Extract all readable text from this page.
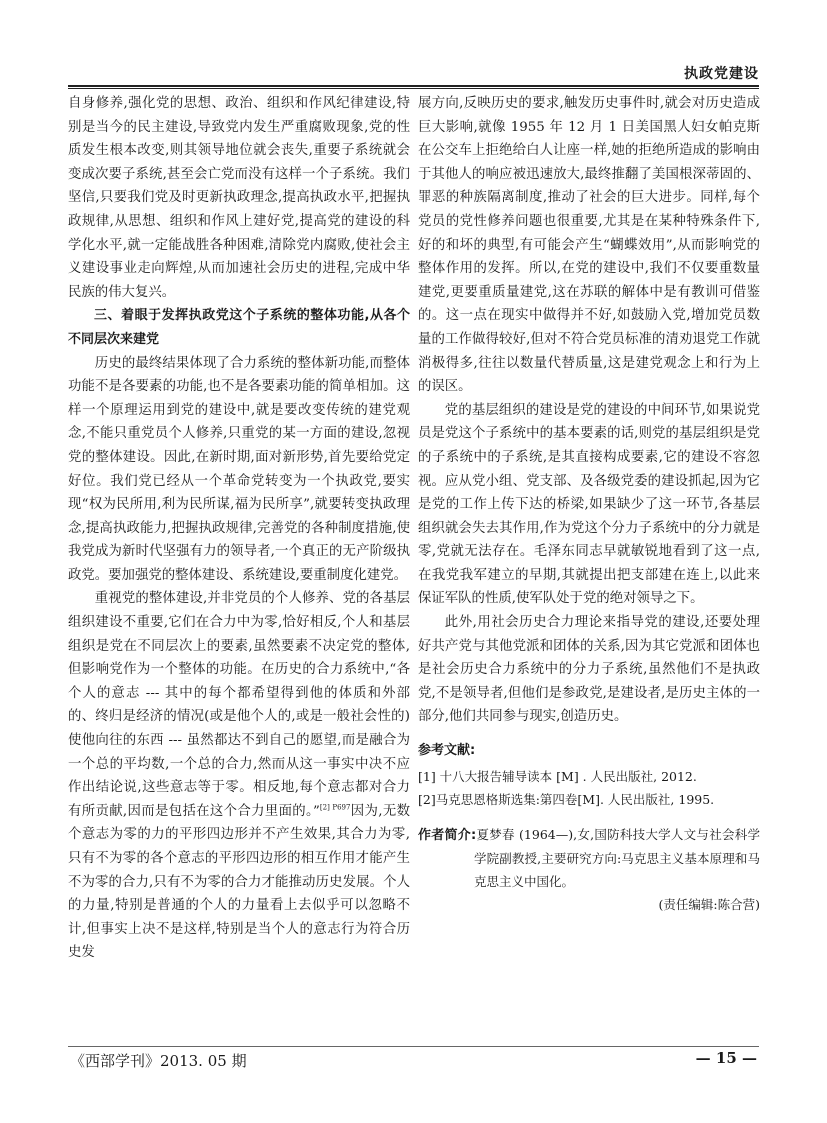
执政党建设

自身修养,强化党的思想、政治、组织和作风纪律建设,特别是当今的民主建设,导致党内发生严重腐败现象,党的性质发生根本改变,则其领导地位就会丧失,重要子系统就会变成次要子系统,甚至会亡党而没有这样一个子系统。我们坚信,只要我们党及时更新执政理念,提高执政水平,把握执政规律,从思想、组织和作风上建好党,提高党的建设的科学化水平,就一定能战胜各种困难,清除党内腐败,使社会主义建设事业走向辉煌,从而加速社会历史的进程,完成中华民族的伟大复兴。

三、着眼于发挥执政党这个子系统的整体功能,从各个不同层次来建党

历史的最终结果体现了合力系统的整体新功能,而整体功能不是各要素的功能,也不是各要素功能的简单相加。这样一个原理运用到党的建设中,就是要改变传统的建党观念,不能只重党员个人修养,只重党的某一方面的建设,忽视党的整体建设。因此,在新时期,面对新形势,首先要给党定好位。我们党已经从一个革命党转变为一个执政党,要实现“权为民所用,利为民所谋,福为民所享”,就要转变执政理念,提高执政能力,把握执政规律,完善党的各种制度措施,使我党成为新时代坚强有力的领导者,一个真正的无产阶级执政党。要加强党的整体建设、系统建设,要重制度化建党。

重视党的整体建设,并非党员的个人修养、党的各基层组织建设不重要,它们在合力中为零,恰好相反,个人和基层组织是党在不同层次上的要素,虽然要素不决定党的整体,但影响党作为一个整体的功能。在历史的合力系统中,“各个人的意志 --- 其中的每个都希望得到他的体质和外部的、终归是经济的情况(或是他个人的,或是一般社会性的)使他向往的东西 --- 虽然都达不到自己的愿望,而是融合为一个总的平均数,一个总的合力,然而从这一事实中决不应作出结论说,这些意志等于零。相反地,每个意志都对合力有所贡献,因而是包括在这个合力里面的。”$^{[2] P697}$因为,无数个意志为零的力的平形四边形并不产生效果,其合力为零,只有不为零的各个意志的平形四边形的相互作用才能产生不为零的合力,只有不为零的合力才能推动历史发展。个人的力量,特别是普通的个人的力量看上去似乎可以忽略不计,但事实上决不是这样,特别是当个人的意志行为符合历史发

展方向,反映历史的要求,触发历史事件时,就会对历史造成巨大影响,就像 1955 年 12 月 1 日美国黑人妇女帕克斯在公交车上拒绝给白人让座一样,她的拒绝所造成的影响由于其他人的响应被迅速放大,最终推翻了美国根深蒂固的、罪恶的种族隔离制度,推动了社会的巨大进步。同样,每个党员的党性修养问题也很重要,尤其是在某种特殊条件下,好的和坏的典型,有可能会产生“蝴蝶效用”,从而影响党的整体作用的发挥。所以,在党的建设中,我们不仅要重数量建党,更要重质量建党,这在苏联的解体中是有教训可借鉴的。这一点在现实中做得并不好,如鼓励入党,增加党员数量的工作做得较好,但对不符合党员标准的清劝退党工作就消极得多,往往以数量代替质量,这是建党观念上和行为上的误区。

党的基层组织的建设是党的建设的中间环节,如果说党员是党这个子系统中的基本要素的话,则党的基层组织是党的子系统中的子系统,是其直接构成要素,它的建设不容忽视。应从党小组、党支部、及各级党委的建设抓起,因为它是党的工作上传下达的桥梁,如果缺少了这一环节,各基层组织就会失去其作用,作为党这个分力子系统中的分力就是零,党就无法存在。毛泽东同志早就敏锐地看到了这一点,在我党我军建立的早期,其就提出把支部建在连上,以此来保证军队的性质,使军队处于党的绝对领导之下。

此外,用社会历史合力理论来指导党的建设,还要处理好共产党与其他党派和团体的关系,因为其它党派和团体也是社会历史合力系统中的分力子系统,虽然他们不是执政党,不是领导者,但他们是参政党,是建设者,是历史主体的一部分,他们共同参与现实,创造历史。

参考文献:
[1] 十八大报告辅导读本 [M] . 人民出版社, 2012.
[2]马克思恩格斯选集:第四卷[M]. 人民出版社, 1995.
作者简介:夏梦春 (1964—),女,国防科技大学人文与社会科学学院副教授,主要研究方向:马克思主义基本原理和马克思主义中国化。
(责任编辑:陈合营)
《西部学刊》2013. 05 期	— 15 —
